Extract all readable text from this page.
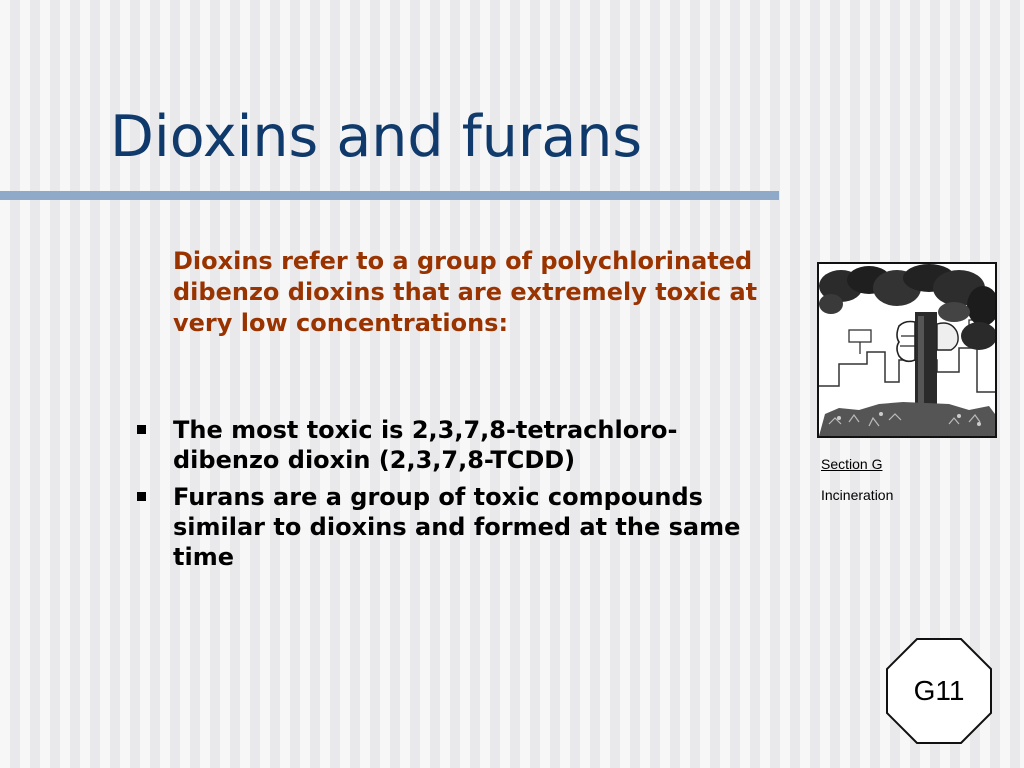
Dioxins and furans
Dioxins refer to a group of polychlorinated dibenzo dioxins that are extremely toxic at very low concentrations:
The most toxic is 2,3,7,8-tetrachloro-dibenzo dioxin (2,3,7,8-TCDD)
Furans are a group of toxic compounds similar to dioxins and formed at the same time
Section G
Incineration
G11
